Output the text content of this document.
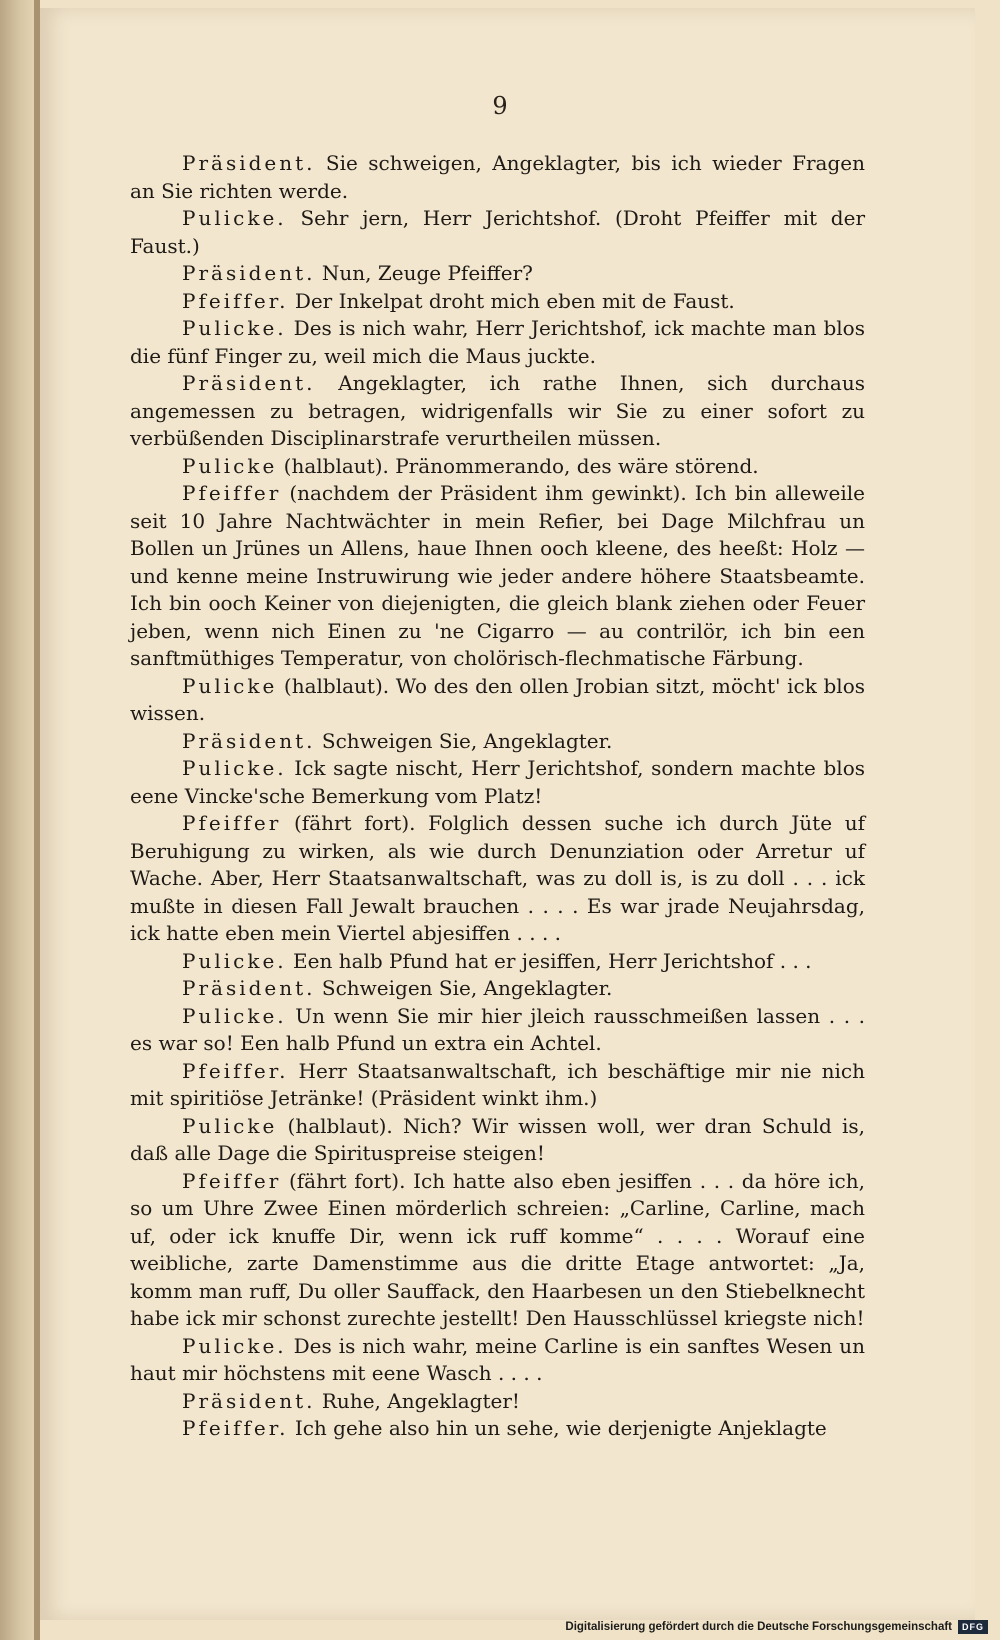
9

Präsident. Sie schweigen, Angeklagter, bis ich wieder Fragen an Sie richten werde.

Pulicke. Sehr jern, Herr Jerichtshof. (Droht Pfeiffer mit der Faust.)

Präsident. Nun, Zeuge Pfeiffer?

Pfeiffer. Der Inkelpat droht mich eben mit de Faust.

Pulicke. Des is nich wahr, Herr Jerichtshof, ick machte man blos die fünf Finger zu, weil mich die Maus juckte.

Präsident. Angeklagter, ich rathe Ihnen, sich durchaus angemessen zu betragen, widrigenfalls wir Sie zu einer sofort zu verbüßenden Disciplinarstrafe verurtheilen müssen.

Pulicke (halblaut). Pränommerando, des wäre störend.

Pfeiffer (nachdem der Präsident ihm gewinkt). Ich bin alleweile seit 10 Jahre Nachtwächter in mein Refier, bei Dage Milchfrau un Bollen un Jrünes un Allens, haue Ihnen ooch kleene, des heeßt: Holz — und kenne meine Instruwirung wie jeder andere höhere Staatsbeamte. Ich bin ooch Keiner von diejenigten, die gleich blank ziehen oder Feuer jeben, wenn nich Einen zu 'ne Cigarro — au contrilör, ich bin een sanftmüthiges Temperatur, von cholörisch-flechmatische Färbung.

Pulicke (halblaut). Wo des den ollen Jrobian sitzt, möcht' ick blos wissen.

Präsident. Schweigen Sie, Angeklagter.

Pulicke. Ick sagte nischt, Herr Jerichtshof, sondern machte blos eene Vincke'sche Bemerkung vom Platz!

Pfeiffer (fährt fort). Folglich dessen suche ich durch Jüte uf Beruhigung zu wirken, als wie durch Denunziation oder Arretur uf Wache. Aber, Herr Staatsanwaltschaft, was zu doll is, is zu doll . . . ick mußte in diesen Fall Jewalt brauchen . . . . Es war jrade Neujahrsdag, ick hatte eben mein Viertel abjesiffen . . . .

Pulicke. Een halb Pfund hat er jesiffen, Herr Jerichtshof . . .

Präsident. Schweigen Sie, Angeklagter.

Pulicke. Un wenn Sie mir hier jleich rausschmeißen lassen . . . es war so! Een halb Pfund un extra ein Achtel.

Pfeiffer. Herr Staatsanwaltschaft, ich beschäftige mir nie nich mit spiritiöse Jetränke! (Präsident winkt ihm.)

Pulicke (halblaut). Nich? Wir wissen woll, wer dran Schuld is, daß alle Dage die Spirituspreise steigen!

Pfeiffer (fährt fort). Ich hatte also eben jesiffen . . . da höre ich, so um Uhre Zwee Einen mörderlich schreien: „Carline, Carline, mach uf, oder ick knuffe Dir, wenn ick ruff komme“ . . . . Worauf eine weibliche, zarte Damenstimme aus die dritte Etage antwortet: „Ja, komm man ruff, Du oller Sauffack, den Haarbesen un den Stiebelknecht habe ick mir schonst zurechte jestellt! Den Hausschlüssel kriegste nich!

Pulicke. Des is nich wahr, meine Carline is ein sanftes Wesen un haut mir höchstens mit eene Wasch . . . .

Präsident. Ruhe, Angeklagter!

Pfeiffer. Ich gehe also hin un sehe, wie derjenigte Anjeklagte

Digitalisierung gefördert durch die Deutsche Forschungsgemeinschaft	DFG
